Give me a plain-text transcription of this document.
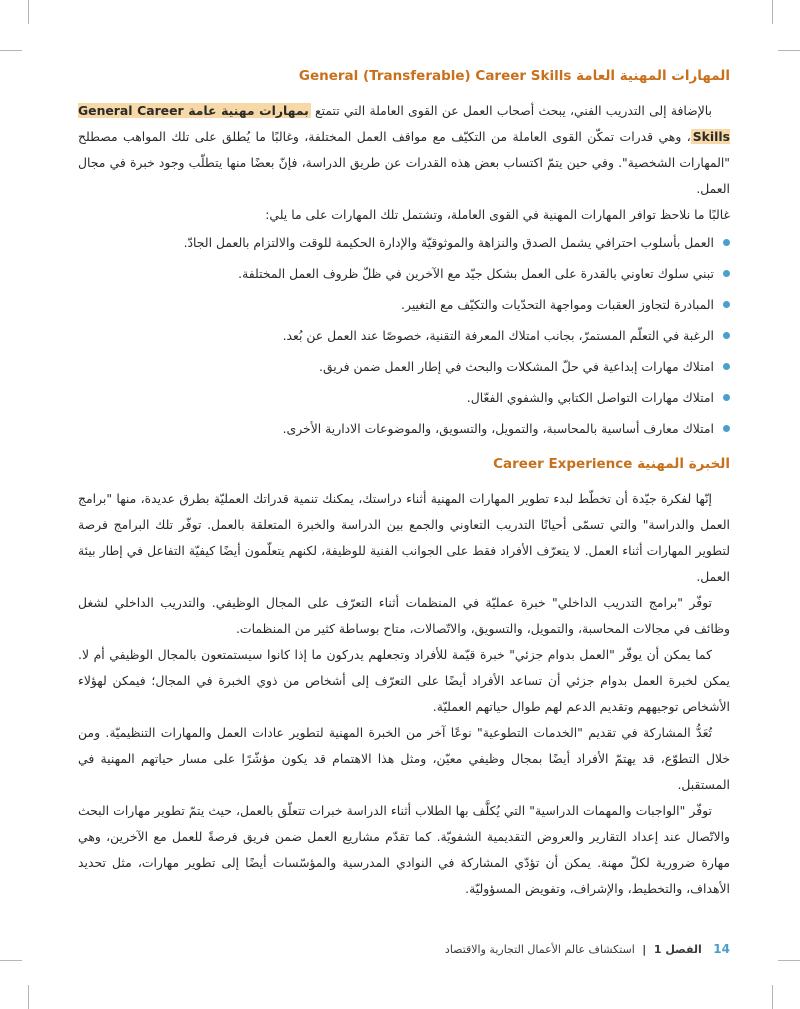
المهارات المهنية العامة General (Transferable) Career Skills

بالإضافة إلى التدريب الفني، يبحث أصحاب العمل عن القوى العاملة التي تتمتع بمهارات مهنية عامة General Career Skills، وهي قدرات تمكّن القوى العاملة من التكيّف مع مواقف العمل المختلفة، وغالبًا ما يُطلق على تلك المواهب مصطلح "المهارات الشخصية". وفي حين يتمّ اكتساب بعض هذه القدرات عن طريق الدراسة، فإنّ بعضًا منها يتطلّب وجود خبرة في مجال العمل.

غالبًا ما نلاحظ توافر المهارات المهنية في القوى العاملة، وتشتمل تلك المهارات على ما يلي:

العمل بأسلوب احترافي يشمل الصدق والنزاهة والموثوقيّة والإدارة الحكيمة للوقت والالتزام بالعمل الجادّ.
تبني سلوك تعاوني بالقدرة على العمل بشكل جيّد مع الآخرين في ظلّ ظروف العمل المختلفة.
المبادرة لتجاوز العقبات ومواجهة التحدّيات والتكيّف مع التغيير.
الرغبة في التعلّم المستمرّ، بجانب امتلاك المعرفة التقنية، خصوصًا عند العمل عن بُعد.
امتلاك مهارات إبداعية في حلّ المشكلات والبحث في إطار العمل ضمن فريق.
امتلاك مهارات التواصل الكتابي والشفوي الفعّال.
امتلاك معارف أساسية بالمحاسبة، والتمويل، والتسويق، والموضوعات الادارية الأخرى.
الخبرة المهنية Career Experience

إنّها لفكرة جيّدة أن تخطّط لبدء تطوير المهارات المهنية أثناء دراستك، يمكنك تنمية قدراتك العمليّة بطرق عديدة، منها "برامج العمل والدراسة" والتي تسمّى أحيانًا التدريب التعاوني والجمع بين الدراسة والخبرة المتعلقة بالعمل. توفّر تلك البرامج فرصة لتطوير المهارات أثناء العمل. لا يتعرّف الأفراد فقط على الجوانب الفنية للوظيفة، لكنهم يتعلّمون أيضًا كيفيّة التفاعل في إطار بيئة العمل.

توفّر "برامج التدريب الداخلي" خبرة عمليّة في المنظمات أثناء التعرّف على المجال الوظيفي. والتدريب الداخلي لشغل وظائف في مجالات المحاسبة، والتمويل، والتسويق، والاتّصالات، متاح بوساطة كثير من المنظمات.

كما يمكن أن يوفّر "العمل بدوام جزئي" خبرة قيّمة للأفراد وتجعلهم يدركون ما إذا كانوا سيستمتعون بالمجال الوظيفي أم لا. يمكن لخبرة العمل بدوام جزئي أن تساعد الأفراد أيضًا على التعرّف إلى أشخاص من ذوي الخبرة في المجال؛ فيمكن لهؤلاء الأشخاص توجيههم وتقديم الدعم لهم طوال حياتهم العمليّة.

تُعَدُّ المشاركة في تقديم "الخدمات التطوعية" نوعًا آخر من الخبرة المهنية لتطوير عادات العمل والمهارات التنظيميّة. ومن خلال التطوّع، قد يهتمّ الأفراد أيضًا بمجال وظيفي معيّن، ومثل هذا الاهتمام قد يكون مؤشّرًا على مسار حياتهم المهنية في المستقبل.

توفّر "الواجبات والمهمات الدراسية" التي يُكلَّف بها الطلاب أثناء الدراسة خبرات تتعلّق بالعمل، حيث يتمّ تطوير مهارات البحث والاتّصال عند إعداد التقارير والعروض التقديمية الشفويّة. كما تقدّم مشاريع العمل ضمن فريق فرصةً للعمل مع الآخرين، وهي مهارة ضرورية لكلّ مهنة. يمكن أن تؤدّي المشاركة في النوادي المدرسية والمؤسّسات أيضًا إلى تطوير مهارات، مثل تحديد الأهداف، والتخطيط، والإشراف، وتفويض المسؤوليّة.

14 الفصل 1 | استكشاف عالم الأعمال التجارية والاقتصاد
